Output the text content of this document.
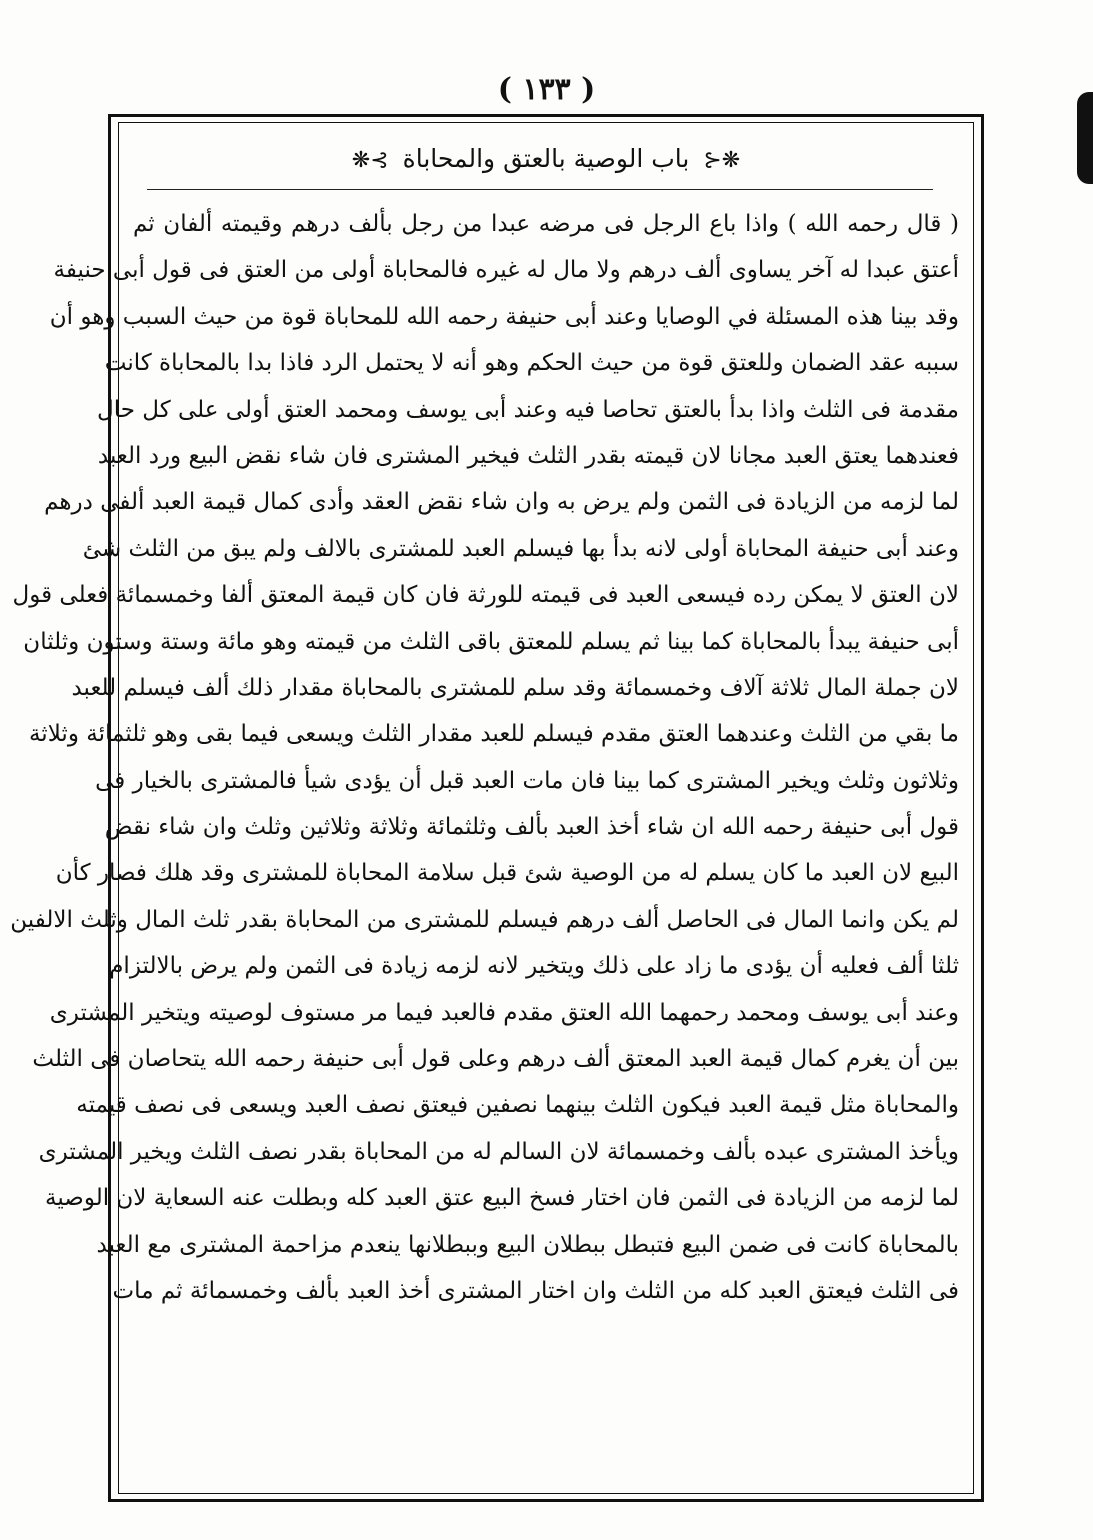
( ١٣٣ )
❋⊰ باب الوصية بالعتق والمحاباة ⊱❋
( قال رحمه الله ) واذا باع الرجل فى مرضه عبدا من رجل بألف درهم وقيمته ألفان ثم
أعتق عبدا له آخر يساوى ألف درهم ولا مال له غيره فالمحاباة أولى من العتق فى قول أبى حنيفة
وقد بينا هذه المسئلة في الوصايا وعند أبى حنيفة رحمه الله للمحاباة قوة من حيث السبب وهو أن
سببه عقد الضمان وللعتق قوة من حيث الحكم وهو أنه لا يحتمل الرد فاذا بدا بالمحاباة كانت
مقدمة فى الثلث واذا بدأ بالعتق تحاصا فيه وعند أبى يوسف ومحمد العتق أولى على كل حال
فعندهما يعتق العبد مجانا لان قيمته بقدر الثلث فيخير المشترى فان شاء نقض البيع ورد العبد
لما لزمه من الزيادة فى الثمن ولم يرض به وان شاء نقض العقد وأدى كمال قيمة العبد ألفى درهم
وعند أبى حنيفة المحاباة أولى لانه بدأ بها فيسلم العبد للمشترى بالالف ولم يبق من الثلث شئ
لان العتق لا يمكن رده فيسعى العبد فى قيمته للورثة فان كان قيمة المعتق ألفا وخمسمائة فعلى قول
أبى حنيفة يبدأ بالمحاباة كما بينا ثم يسلم للمعتق باقى الثلث من قيمته وهو مائة وستة وستون وثلثان
لان جملة المال ثلاثة آلاف وخمسمائة وقد سلم للمشترى بالمحاباة مقدار ذلك ألف فيسلم للعبد
ما بقي من الثلث وعندهما العتق مقدم فيسلم للعبد مقدار الثلث ويسعى فيما بقى وهو ثلثمائة وثلاثة
وثلاثون وثلث ويخير المشترى كما بينا فان مات العبد قبل أن يؤدى شيأ فالمشترى بالخيار فى
قول أبى حنيفة رحمه الله ان شاء أخذ العبد بألف وثلثمائة وثلاثة وثلاثين وثلث وان شاء نقض
البيع لان العبد ما كان يسلم له من الوصية شئ قبل سلامة المحاباة للمشترى وقد هلك فصار كأن
لم يكن وانما المال فى الحاصل ألف درهم فيسلم للمشترى من المحاباة بقدر ثلث المال وثلث الالفين
ثلثا ألف فعليه أن يؤدى ما زاد على ذلك ويتخير لانه لزمه زيادة فى الثمن ولم يرض بالالتزام
وعند أبى يوسف ومحمد رحمهما الله العتق مقدم فالعبد فيما مر مستوف لوصيته ويتخير المشترى
بين أن يغرم كمال قيمة العبد المعتق ألف درهم وعلى قول أبى حنيفة رحمه الله يتحاصان فى الثلث
والمحاباة مثل قيمة العبد فيكون الثلث بينهما نصفين فيعتق نصف العبد ويسعى فى نصف قيمته
ويأخذ المشترى عبده بألف وخمسمائة لان السالم له من المحاباة بقدر نصف الثلث ويخير المشترى
لما لزمه من الزيادة فى الثمن فان اختار فسخ البيع عتق العبد كله وبطلت عنه السعاية لان الوصية
بالمحاباة كانت فى ضمن البيع فتبطل ببطلان البيع وببطلانها ينعدم مزاحمة المشترى مع العبد
فى الثلث فيعتق العبد كله من الثلث وان اختار المشترى أخذ العبد بألف وخمسمائة ثم مات
